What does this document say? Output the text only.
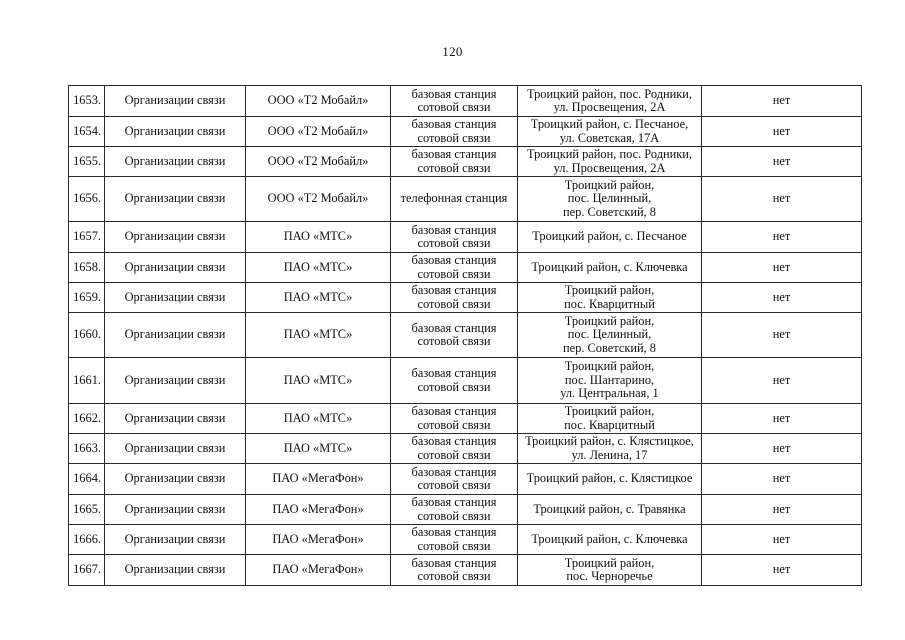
120
1653.	Организации связи	ООО «Т2 Мобайл»	базовая станция
сотовой связи	Троицкий район, пос. Родники,
ул. Просвещения, 2А	нет
1654.	Организации связи	ООО «Т2 Мобайл»	базовая станция
сотовой связи	Троицкий район, с. Песчаное,
ул. Советская, 17А	нет
1655.	Организации связи	ООО «Т2 Мобайл»	базовая станция
сотовой связи	Троицкий район, пос. Родники,
ул. Просвещения, 2А	нет
1656.	Организации связи	ООО «Т2 Мобайл»	телефонная станция	Троицкий район,
пос. Целинный,
пер. Советский, 8	нет
1657.	Организации связи	ПАО «МТС»	базовая станция
сотовой связи	Троицкий район, с. Песчаное	нет
1658.	Организации связи	ПАО «МТС»	базовая станция
сотовой связи	Троицкий район, с. Ключевка	нет
1659.	Организации связи	ПАО «МТС»	базовая станция
сотовой связи	Троицкий район,
пос. Кварцитный	нет
1660.	Организации связи	ПАО «МТС»	базовая станция
сотовой связи	Троицкий район,
пос. Целинный,
пер. Советский, 8	нет
1661.	Организации связи	ПАО «МТС»	базовая станция
сотовой связи	Троицкий район,
пос. Шантарино,
ул. Центральная, 1	нет
1662.	Организации связи	ПАО «МТС»	базовая станция
сотовой связи	Троицкий район,
пос. Кварцитный	нет
1663.	Организации связи	ПАО «МТС»	базовая станция
сотовой связи	Троицкий район, с. Клястицкое,
ул. Ленина, 17	нет
1664.	Организации связи	ПАО «МегаФон»	базовая станция
сотовой связи	Троицкий район, с. Клястицкое	нет
1665.	Организации связи	ПАО «МегаФон»	базовая станция
сотовой связи	Троицкий район, с. Травянка	нет
1666.	Организации связи	ПАО «МегаФон»	базовая станция
сотовой связи	Троицкий район, с. Ключевка	нет
1667.	Организации связи	ПАО «МегаФон»	базовая станция
сотовой связи	Троицкий район,
пос. Черноречье	нет
